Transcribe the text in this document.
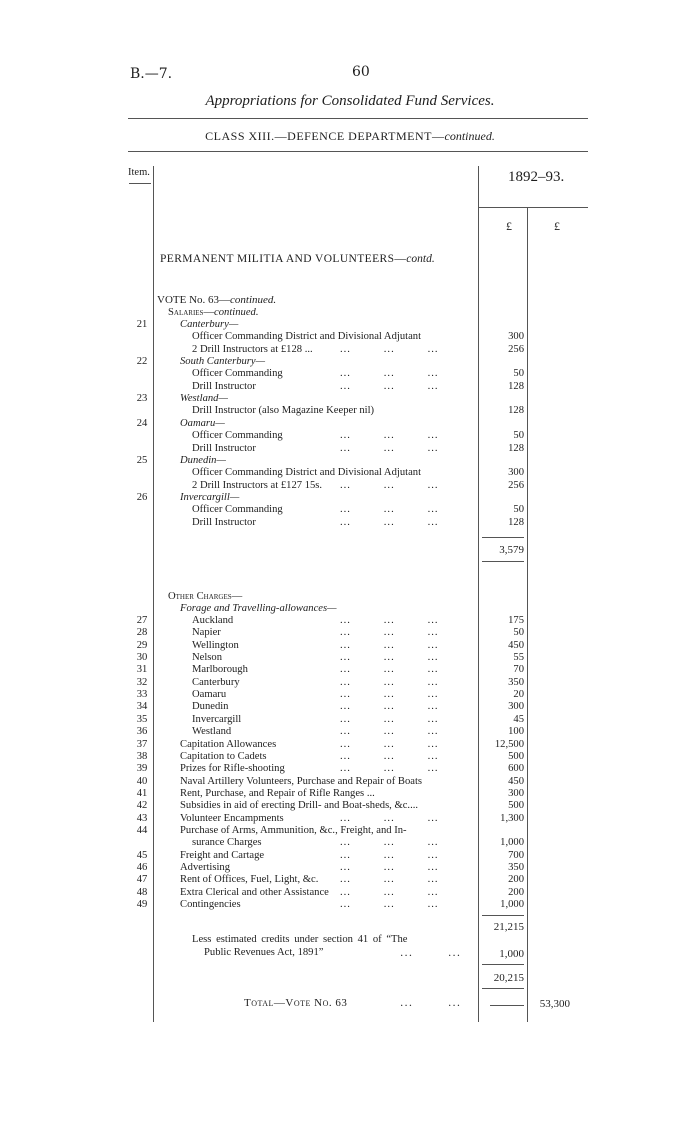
B.—7.	60
Appropriations for Consolidated Fund Services.
CLASS XIII.—DEFENCE DEPARTMENT—continued.
Item.	1892–93.
£	£
PERMANENT MILITIA AND VOLUNTEERS—contd.
VOTE No. 63—continued.
Salaries—continued.
21	Canterbury—
Officer Commanding District and Divisional Adjutant	300
2 Drill Instructors at £128 ...	...         ...         ...	256
22	South Canterbury—
Officer Commanding	...         ...         ...	50
Drill Instructor	...         ...         ...	128
23	Westland—
Drill Instructor (also Magazine Keeper nil)	128
24	Oamaru—
Officer Commanding	...         ...         ...	50
Drill Instructor	...         ...         ...	128
25	Dunedin—
Officer Commanding District and Divisional Adjutant	300
2 Drill Instructors at £127 15s. ...         ...         ...	256
26	Invercargill—
Officer Commanding	...         ...         ...	50
Drill Instructor	...         ...         ...	128
3,579
Other Charges—
Forage and Travelling-allowances—
27	Auckland	...         ...         ...	175
28	Napier	...         ...         ...	50
29	Wellington	...         ...         ...	450
30	Nelson	...         ...         ...	55
31	Marlborough	...         ...         ...	70
32	Canterbury	...         ...         ...	350
33	Oamaru	...         ...         ...	20
34	Dunedin	...         ...         ...	300
35	Invercargill	...         ...         ...	45
36	Westland	...         ...         ...	100
37	Capitation Allowances	...         ...         ...	12,500
38	Capitation to Cadets	...         ...         ...	500
39	Prizes for Rifle-shooting	...         ...         ...	600
40	Naval Artillery Volunteers, Purchase and Repair of Boats	450
41	Rent, Purchase, and Repair of Rifle Ranges ...	300
42	Subsidies in aid of erecting Drill- and Boat-sheds, &c....	500
43	Volunteer Encampments	...         ...         ...	1,300
44	Purchase of Arms, Ammunition, &c., Freight, and In-
surance Charges	...         ...         ...	1,000
45	Freight and Cartage	...         ...         ...	700
46	Advertising	...         ...         ...	350
47	Rent of Offices, Fuel, Light, &c. ...         ...         ...	200
48	Extra Clerical and other Assistance ...         ...         ...	200
49	Contingencies	...         ...         ...	1,000
21,215
Less estimated credits under section 41 of “The
Public Revenues Act, 1891”	...        ...	1,000
20,215
Total—Vote No. 63	...        ...	53,300
